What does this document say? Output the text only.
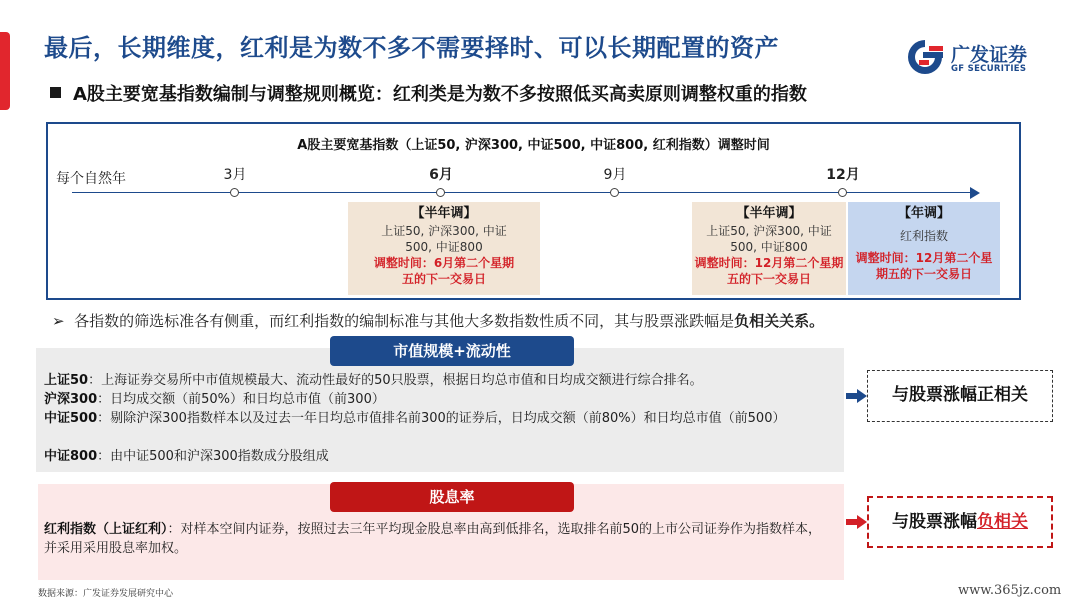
最后，长期维度，红利是为数不多不需要择时、可以长期配置的资产	广发证券
GF SECURITIES
A股主要宽基指数编制与调整规则概览：红利类是为数不多按照低买高卖原则调整权重的指数
A股主要宽基指数（上证50, 沪深300, 中证500, 中证800, 红利指数）调整时间
每个自然年	3月	6月	9月	12月
【半年调】
上证50, 沪深300, 中证500, 中证800
调整时间：6月第二个星期五的下一交易日
【半年调】
上证50, 沪深300, 中证500, 中证800
调整时间：12月第二个星期五的下一交易日
【年调】
红利指数
调整时间：12月第二个星期五的下一交易日
➢ 各指数的筛选标准各有侧重，而红利指数的编制标准与其他大多数指数性质不同，其与股票涨跌幅是负相关关系。
市值规模+流动性
上证50：上海证券交易所中市值规模最大、流动性最好的50只股票，根据日均总市值和日均成交额进行综合排名。
沪深300：日均成交额（前50%）和日均总市值（前300）
中证500：剔除沪深300指数样本以及过去一年日均总市值排名前300的证券后，日均成交额（前80%）和日均总市值（前500）
中证800：由中证500和沪深300指数成分股组成
与股票涨幅正相关
股息率
红利指数（上证红利）：对样本空间内证券，按照过去三年平均现金股息率由高到低排名，选取排名前50的上市公司证券作为指数样本，并采用采用股息率加权。
与股票涨幅负相关
数据来源：广发证券发展研究中心	www.365jz.com
